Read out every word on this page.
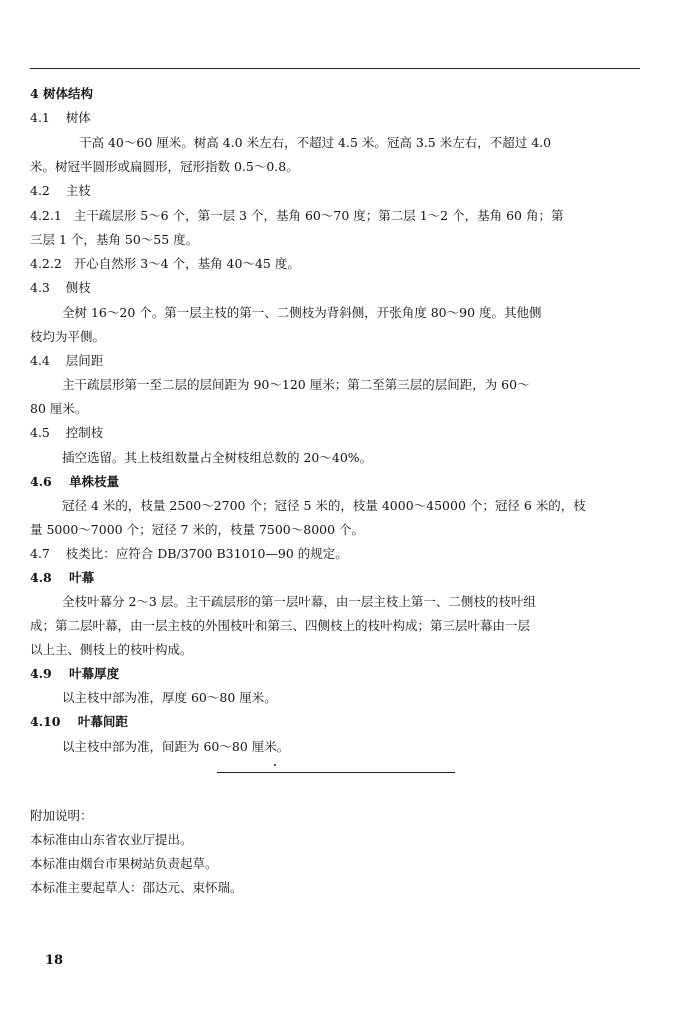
4 树体结构
4.1 树体
干高 40～60 厘米。树高 4.0 米左右，不超过 4.5 米。冠高 3.5 米左右，不超过 4.0
米。树冠半圆形或扁圆形，冠形指数 0.5～0.8。
4.2 主枝
4.2.1 主干疏层形 5～6 个，第一层 3 个，基角 60～70 度；第二层 1～2 个，基角 60 角；第
三层 1 个，基角 50～55 度。
4.2.2 开心自然形 3～4 个，基角 40～45 度。
4.3 侧枝
全树 16～20 个。第一层主枝的第一、二侧枝为背斜侧，开张角度 80～90 度。其他侧
枝均为平侧。
4.4 层间距
主干疏层形第一至二层的层间距为 90～120 厘米；第二至第三层的层间距，为 60～
80 厘米。
4.5 控制枝
插空选留。其上枝组数量占全树枝组总数的 20～40%。
4.6 单株枝量
冠径 4 米的，枝量 2500～2700 个；冠径 5 米的，枝量 4000～45000 个；冠径 6 米的，枝
量 5000～7000 个；冠径 7 米的，枝量 7500～8000 个。
4.7 枝类比：应符合 DB/3700 B31010—90 的规定。
4.8 叶幕
全枝叶幕分 2～3 层。主干疏层形的第一层叶幕，由一层主枝上第一、二侧枝的枝叶组
成；第二层叶幕，由一层主枝的外围枝叶和第三、四侧枝上的枝叶构成；第三层叶幕由一层
以上主、侧枝上的枝叶构成。
4.9 叶幕厚度
以主枝中部为准，厚度 60～80 厘米。
4.10 叶幕间距
以主枝中部为准，间距为 60～80 厘米。
附加说明：
本标准由山东省农业厅提出。
本标准由烟台市果树站负责起草。
本标准主要起草人：邵达元、束怀瑞。
18
